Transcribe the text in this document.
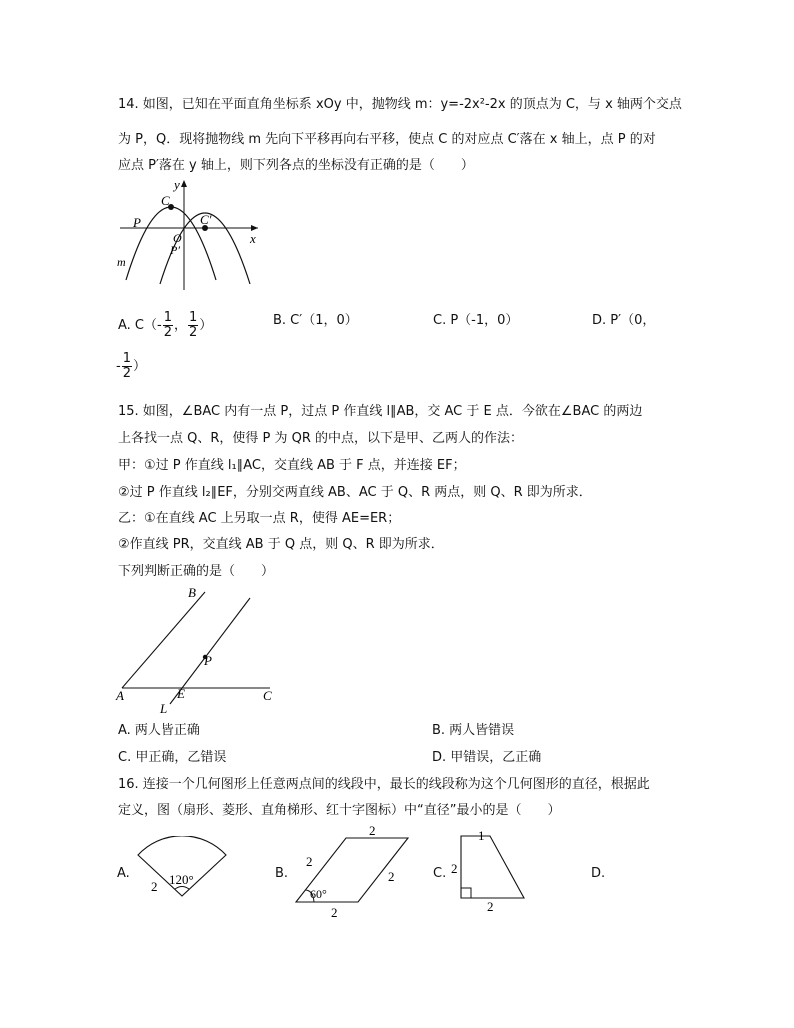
14. 如图，已知在平面直角坐标系 xOy 中，抛物线 m：y=-2x²-2x 的顶点为 C，与 x 轴两个交点
为 P，Q．现将抛物线 m 先向下平移再向右平移，使点 C 的对应点 C′落在 x 轴上，点 P 的对
应点 P′落在 y 轴上，则下列各点的坐标没有正确的是（　　）
y
x
O
P
C
C′
P′
m
A. $C(- \frac{1}{2}$ ， $\frac{1}{2}$ ）	B. C′（1，0）	C. P（-1，0）	D. P′（0，
- $\frac{1}{2}$ ）
15. 如图，∠BAC 内有一点 P，过点 P 作直线 l∥AB，交 AC 于 E 点．今欲在∠BAC 的两边
上各找一点 Q、R，使得 P 为 QR 的中点，以下是甲、乙两人的作法：
甲：①过 P 作直线 l₁∥AC，交直线 AB 于 F 点，并连接 EF；
②过 P 作直线 l₂∥EF，分别交两直线 AB、AC 于 Q、R 两点，则 Q、R 即为所求．
乙：①在直线 AC 上另取一点 R，使得 AE=ER；
②作直线 PR，交直线 AB 于 Q 点，则 Q、R 即为所求．
下列判断正确的是（　　）
B
P
A	E	C
L
A. 两人皆正确	B. 两人皆错误
C. 甲正确，乙错误	D. 甲错误，乙正确
16. 连接一个几何图形上任意两点间的线段中，最长的线段称为这个几何图形的直径，根据此
定义，图（扇形、菱形、直角梯形、红十字图标）中“直径”最小的是（　　）
A.	B.	C.	D.
120°
2
2
2
2
2
60°
1
2
2
